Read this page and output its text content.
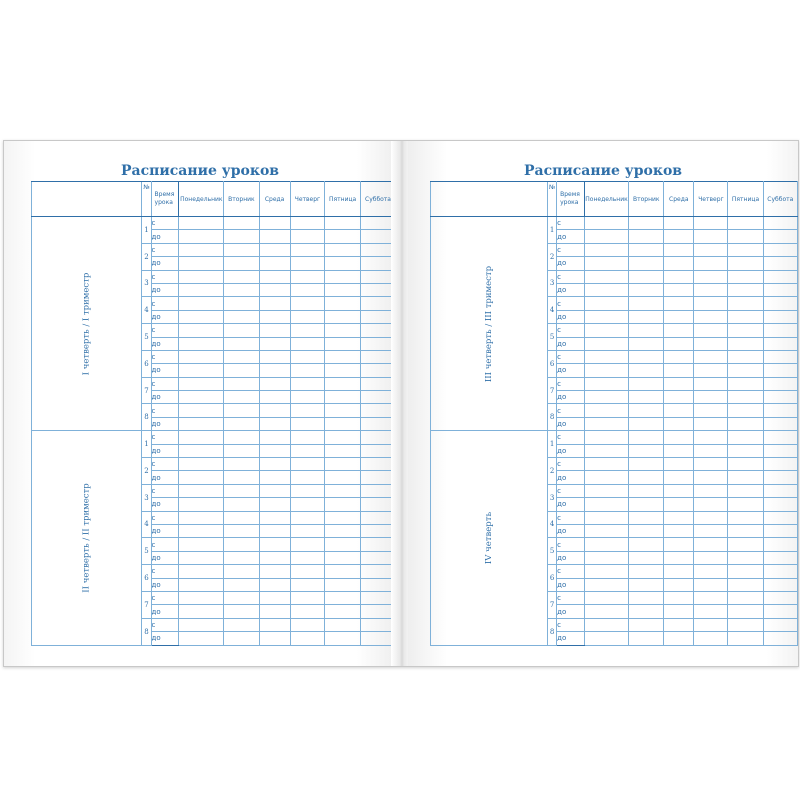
Расписание уроков
	№	Время урока	Понедельник	Вторник	Среда	Четверг	Пятница	Суббота
I четверть / I триместр	1	с						
		до						
	2	с						
		до						
	3	с						
		до						
	4	с						
		до						
	5	с						
		до						
	6	с						
		до						
	7	с						
		до						
	8	с						
		до						
II четверть / II триместр	1	с						
		до						
	2	с						
		до						
	3	с						
		до						
	4	с						
		до						
	5	с						
		до						
	6	с						
		до						
	7	с						
		до						
	8	с						
		до						
Расписание уроков
	№	Время урока	Понедельник	Вторник	Среда	Четверг	Пятница	Суббота
III четверть / III триместр	1	с						
		до						
	2	с						
		до						
	3	с						
		до						
	4	с						
		до						
	5	с						
		до						
	6	с						
		до						
	7	с						
		до						
	8	с						
		до						
IV четверть	1	с						
		до						
	2	с						
		до						
	3	с						
		до						
	4	с						
		до						
	5	с						
		до						
	6	с						
		до						
	7	с						
		до						
	8	с						
		до						
